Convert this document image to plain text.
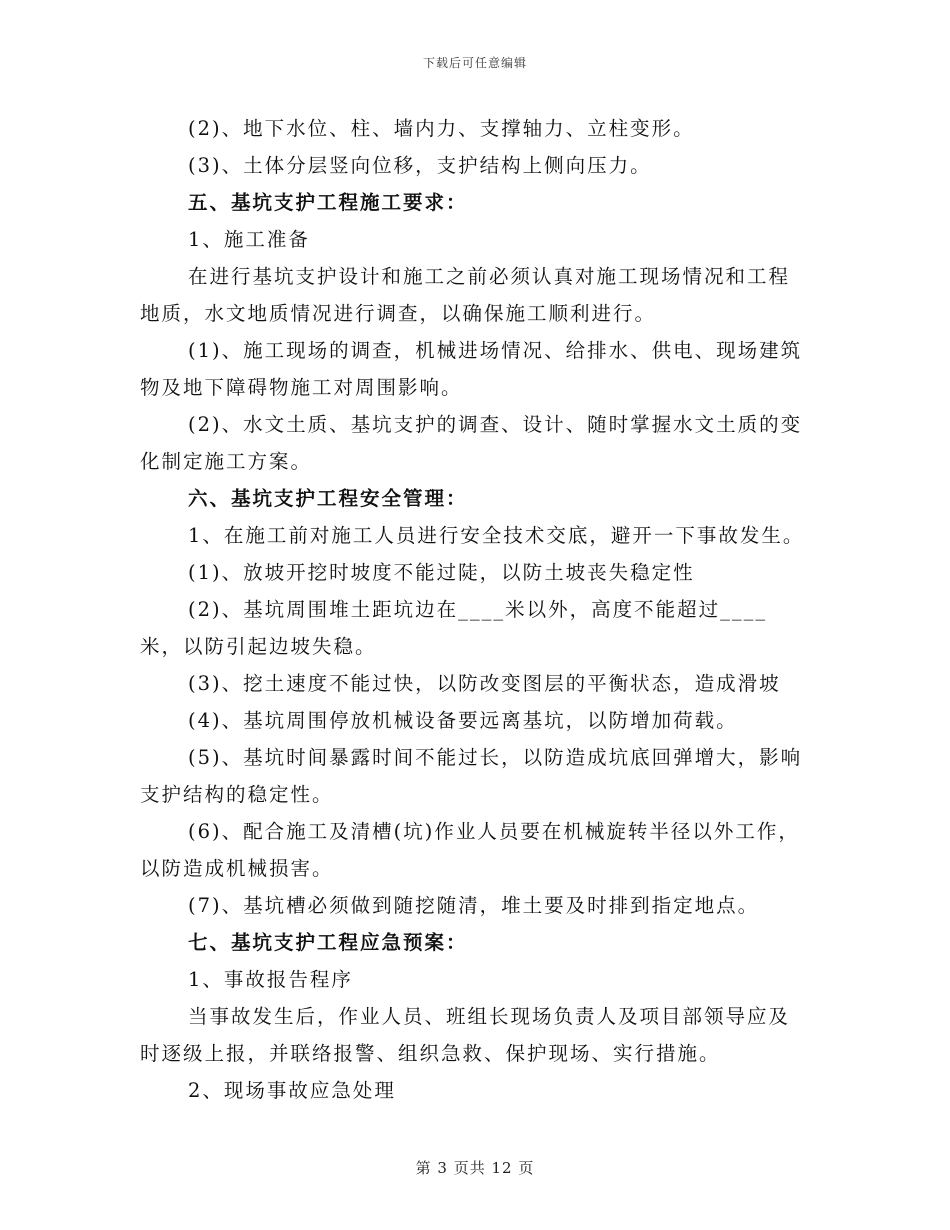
下载后可任意编辑

(2)、地下水位、柱、墙内力、支撑轴力、立柱变形。

(3)、土体分层竖向位移，支护结构上侧向压力。

五、基坑支护工程施工要求：

1、施工准备

在进行基坑支护设计和施工之前必须认真对施工现场情况和工程地质，水文地质情况进行调查，以确保施工顺利进行。

(1)、施工现场的调查，机械进场情况、给排水、供电、现场建筑物及地下障碍物施工对周围影响。

(2)、水文土质、基坑支护的调查、设计、随时掌握水文土质的变化制定施工方案。

六、基坑支护工程安全管理：

1、在施工前对施工人员进行安全技术交底，避开一下事故发生。

(1)、放坡开挖时坡度不能过陡，以防土坡丧失稳定性

(2)、基坑周围堆土距坑边在____米以外，高度不能超过____米，以防引起边坡失稳。

(3)、挖土速度不能过快，以防改变图层的平衡状态，造成滑坡

(4)、基坑周围停放机械设备要远离基坑，以防增加荷载。

(5)、基坑时间暴露时间不能过长，以防造成坑底回弹增大，影响支护结构的稳定性。

(6)、配合施工及清槽(坑)作业人员要在机械旋转半径以外工作，以防造成机械损害。

(7)、基坑槽必须做到随挖随清，堆土要及时排到指定地点。

七、基坑支护工程应急预案：

1、事故报告程序

当事故发生后，作业人员、班组长现场负责人及项目部领导应及时逐级上报，并联络报警、组织急救、保护现场、实行措施。

2、现场事故应急处理

第 3 页共 12 页
